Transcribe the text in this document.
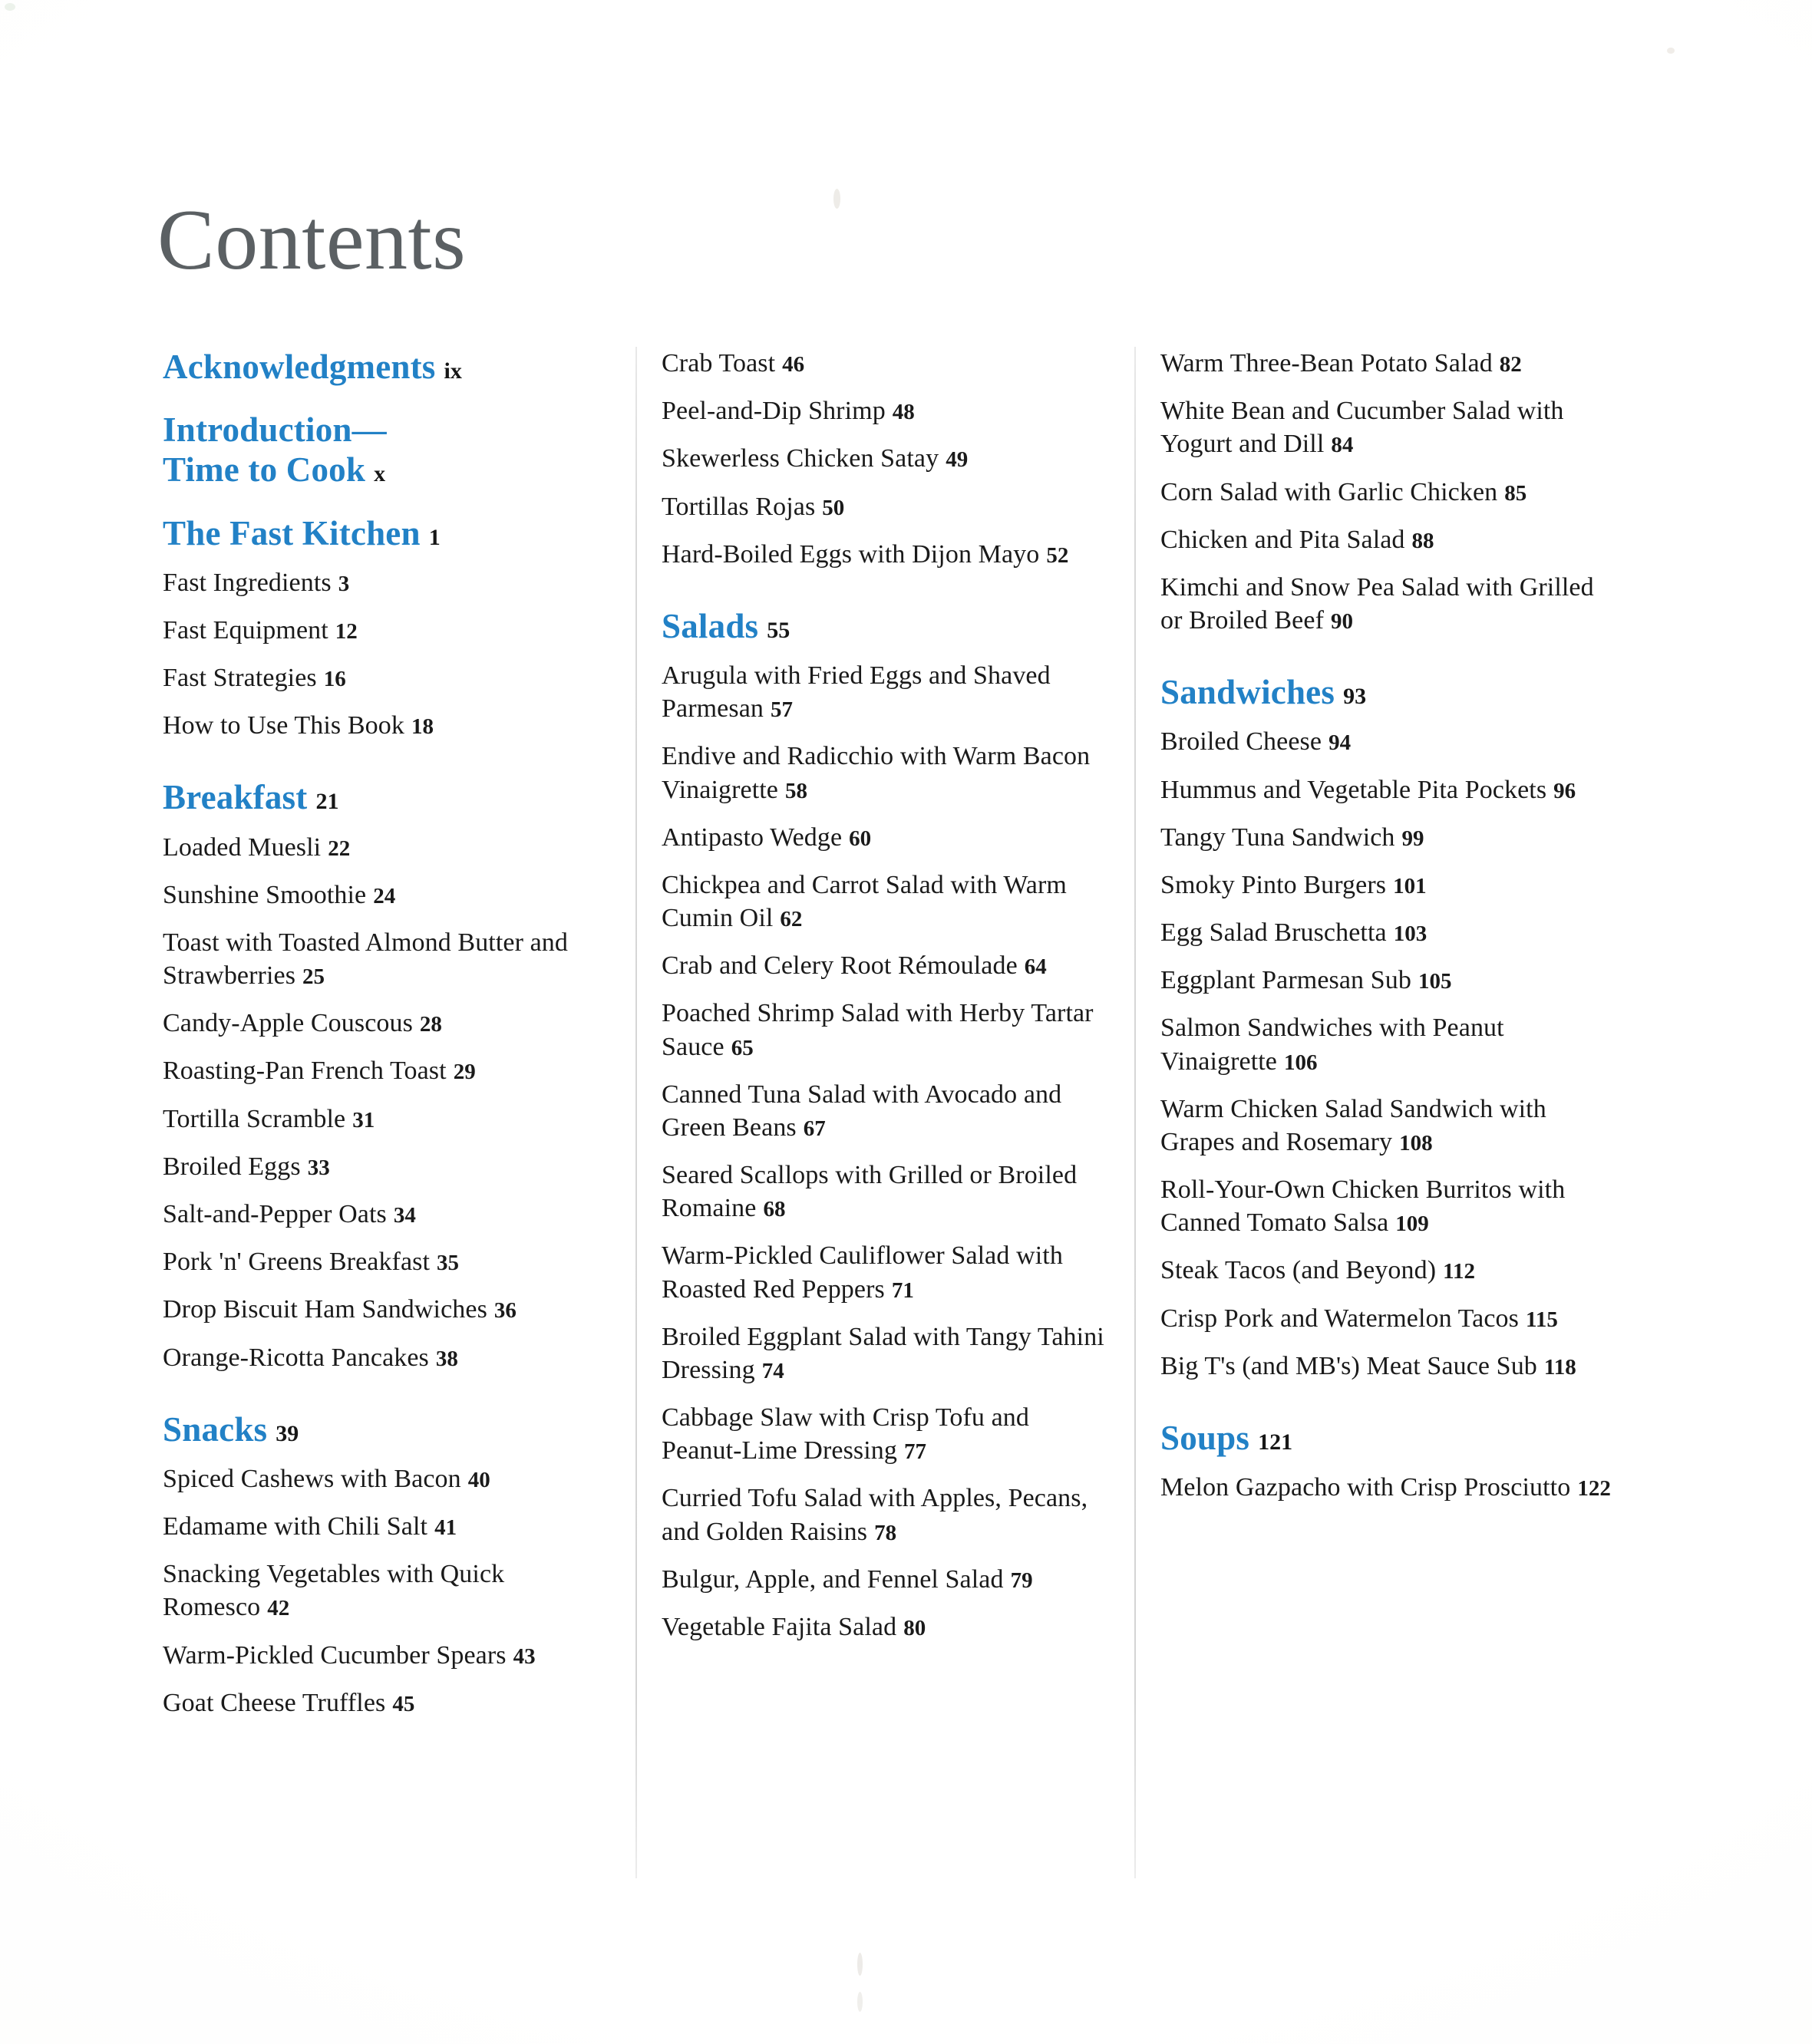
Contents
Acknowledgments ix
Introduction—
Time to Cook x
The Fast Kitchen 1

Fast Ingredients 3

Fast Equipment 12

Fast Strategies 16

How to Use This Book 18

Breakfast 21

Loaded Muesli 22

Sunshine Smoothie 24

Toast with Toasted Almond Butter and Strawberries 25

Candy-Apple Couscous 28

Roasting-Pan French Toast 29

Tortilla Scramble 31

Broiled Eggs 33

Salt-and-Pepper Oats 34

Pork 'n' Greens Breakfast 35

Drop Biscuit Ham Sandwiches 36

Orange-Ricotta Pancakes 38

Snacks 39

Spiced Cashews with Bacon 40

Edamame with Chili Salt 41

Snacking Vegetables with Quick Romesco 42

Warm-Pickled Cucumber Spears 43

Goat Cheese Truffles 45

Crab Toast 46

Peel-and-Dip Shrimp 48

Skewerless Chicken Satay 49

Tortillas Rojas 50

Hard-Boiled Eggs with Dijon Mayo 52

Salads 55

Arugula with Fried Eggs and Shaved Parmesan 57

Endive and Radicchio with Warm Bacon Vinaigrette 58

Antipasto Wedge 60

Chickpea and Carrot Salad with Warm Cumin Oil 62

Crab and Celery Root Rémoulade 64

Poached Shrimp Salad with Herby Tartar Sauce 65

Canned Tuna Salad with Avocado and Green Beans 67

Seared Scallops with Grilled or Broiled Romaine 68

Warm-Pickled Cauliflower Salad with Roasted Red Peppers 71

Broiled Eggplant Salad with Tangy Tahini Dressing 74

Cabbage Slaw with Crisp Tofu and Peanut-Lime Dressing 77

Curried Tofu Salad with Apples, Pecans, and Golden Raisins 78

Bulgur, Apple, and Fennel Salad 79

Vegetable Fajita Salad 80

Warm Three-Bean Potato Salad 82

White Bean and Cucumber Salad with Yogurt and Dill 84

Corn Salad with Garlic Chicken 85

Chicken and Pita Salad 88

Kimchi and Snow Pea Salad with Grilled or Broiled Beef 90

Sandwiches 93

Broiled Cheese 94

Hummus and Vegetable Pita Pockets 96

Tangy Tuna Sandwich 99

Smoky Pinto Burgers 101

Egg Salad Bruschetta 103

Eggplant Parmesan Sub 105

Salmon Sandwiches with Peanut Vinaigrette 106

Warm Chicken Salad Sandwich with Grapes and Rosemary 108

Roll-Your-Own Chicken Burritos with Canned Tomato Salsa 109

Steak Tacos (and Beyond) 112

Crisp Pork and Watermelon Tacos 115

Big T's (and MB's) Meat Sauce Sub 118

Soups 121

Melon Gazpacho with Crisp Prosciutto 122
